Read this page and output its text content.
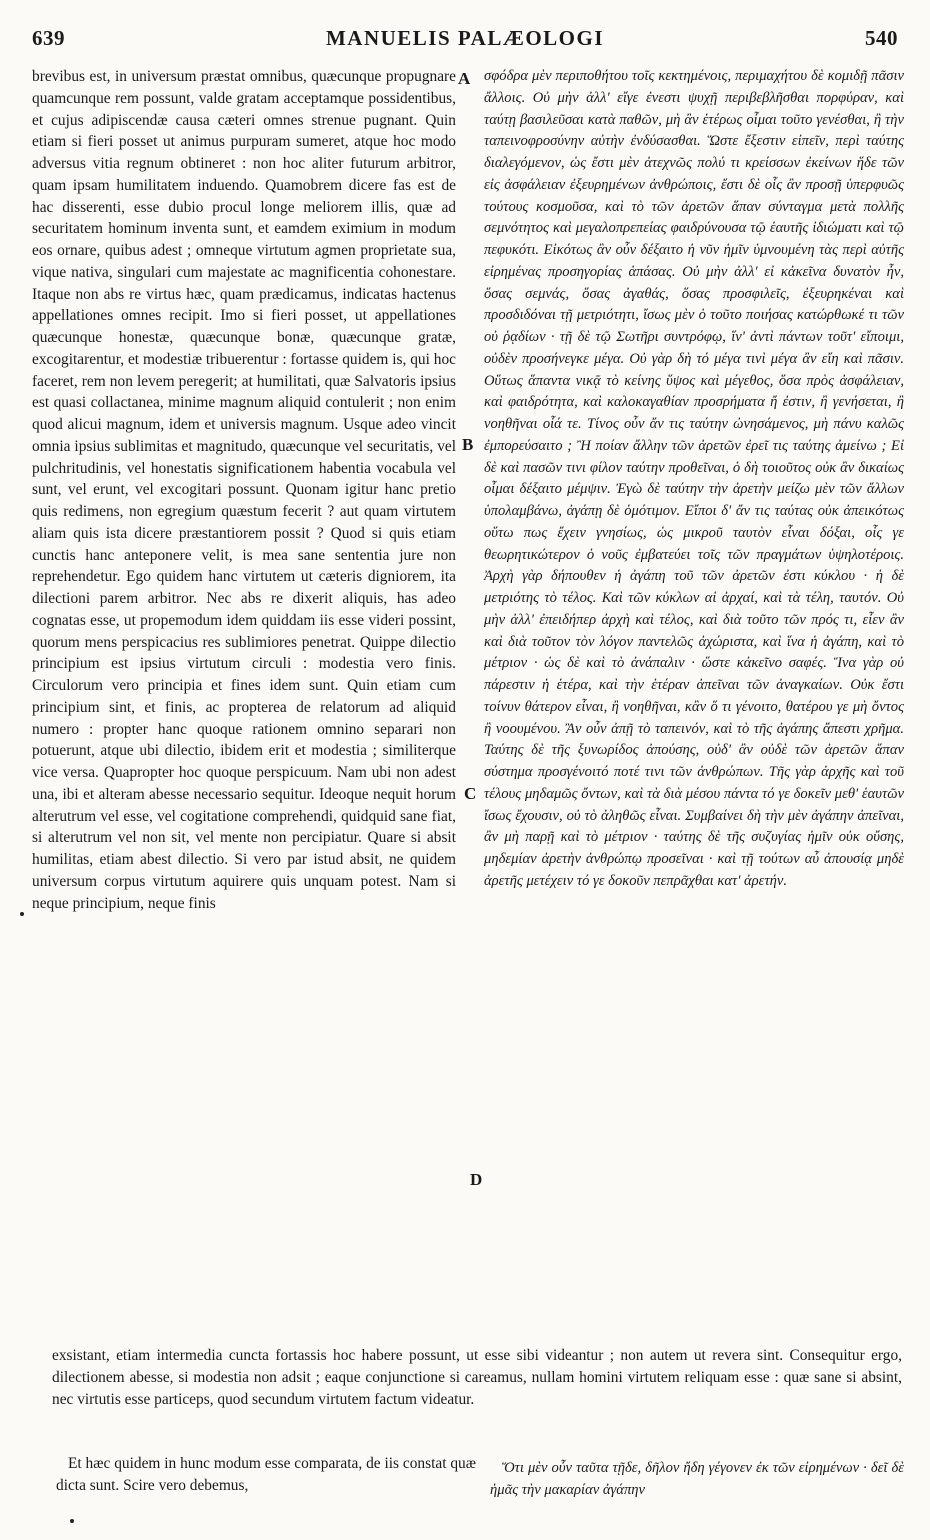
MANUELIS PALÆOLOGI
639	540

brevibus est, in universum præstat omnibus, quæcunque propugnare quamcunque rem possunt, valde gratam acceptamque possidentibus, et cujus adipiscendæ causa cæteri omnes strenue pugnant. Quin etiam si fieri posset ut animus purpuram sumeret, atque hoc modo adversus vitia regnum obtineret : non hoc aliter futurum arbitror, quam ipsam humilitatem induendo. Quamobrem dicere fas est de hac disserenti, esse dubio procul longe meliorem illis, quæ ad securitatem hominum inventa sunt, et eamdem eximium in modum eos ornare, quibus adest ; omneque virtutum agmen proprietate sua, vique nativa, singulari cum majestate ac magnificentia cohonestare. Itaque non abs re virtus hæc, quam prædicamus, indicatas hactenus appellationes omnes recipit. Imo si fieri posset, ut appellationes quæcunque honestæ, quæcunque bonæ, quæcunque gratæ, excogitarentur, et modestiæ tribuerentur : fortasse quidem is, qui hoc faceret, rem non levem peregerit; at humilitati, quæ Salvatoris ipsius est quasi collactanea, minime magnum aliquid contulerit ; non enim quod alicui magnum, idem et universis magnum. Usque adeo vincit omnia ipsius sublimitas et magnitudo, quæcunque vel securitatis, vel pulchritudinis, vel honestatis significationem habentia vocabula vel sunt, vel erunt, vel excogitari possunt. Quonam igitur hanc pretio quis redimens, non egregium quæstum fecerit ? aut quam virtutem aliam quis ista dicere præstantiorem possit ? Quod si quis etiam cunctis hanc anteponere velit, is mea sane sententia jure non reprehendetur. Ego quidem hanc virtutem ut cæteris digniorem, ita dilectioni parem arbitror. Nec abs re dixerit aliquis, has adeo cognatas esse, ut propemodum idem quiddam iis esse videri possint, quorum mens perspicacius res sublimiores penetrat. Quippe dilectio principium est ipsius virtutum circuli : modestia vero finis. Circulorum vero principia et fines idem sunt. Quin etiam cum principium sint, et finis, ac propterea de relatorum ad aliquid numero : propter hanc quoque rationem omnino separari non potuerunt, atque ubi dilectio, ibidem erit et modestia ; similiterque vice versa. Quapropter hoc quoque perspicuum. Nam ubi non adest una, ibi et alteram abesse necessario sequitur. Ideoque nequit horum alterutrum vel esse, vel cogitatione comprehendi, quidquid sane fiat, si alterutrum vel non sit, vel mente non percipiatur. Quare si absit humilitas, etiam abest dilectio. Si vero par istud absit, ne quidem universum corpus virtutum aquirere quis unquam potest. Nam si neque principium, neque finis

A
B
C
D

σφόδρα μὲν περιποθήτου τοῖς κεκτημένοις, περιμαχήτου δὲ κομιδῇ πᾶσιν ἄλλοις. Οὐ μὴν ἀλλ' εἴγε ἐνεστι ψυχῇ περιβεβλῆσθαι πορφύραν, καὶ ταύτῃ βασιλεῦσαι κατὰ παθῶν, μὴ ἂν ἑτέρως οἶμαι τοῦτο γενέσθαι, ἢ τὴν ταπεινοφροσύνην αὐτὴν ἐνδύσασθαι. Ὥστε ἔξεστιν εἰπεῖν, περὶ ταύτης διαλεγόμενον, ὡς ἔστι μὲν ἀτεχνῶς πολύ τι κρείσσων ἐκείνων ἥδε τῶν εἰς ἀσφάλειαν ἐξευρημένων ἀνθρώποις, ἔστι δὲ οἷς ἂν προσῇ ὑπερφυῶς τούτους κοσμοῦσα, καὶ τὸ τῶν ἀρετῶν ἅπαν σύνταγμα μετὰ πολλῆς σεμνότητος καὶ μεγαλοπρεπείας φαιδρύνουσα τῷ ἑαυτῆς ἰδιώματι καὶ τῷ πεφυκότι. Εἰκότως ἂν οὖν δέξαιτο ἡ νῦν ἡμῖν ὑμνουμένη τὰς περὶ αὐτῆς εἰρημένας προσηγορίας ἁπάσας. Οὐ μὴν ἀλλ' εἰ κἀκεῖνα δυνατὸν ἦν, ὅσας σεμνάς, ὅσας ἀγαθάς, ὅσας προσφιλεῖς, ἐξευρηκέναι καὶ προσδιδόναι τῇ μετριότητι, ἴσως μὲν ὁ τοῦτο ποιήσας κατώρθωκέ τι τῶν οὐ ῥᾳδίων · τῇ δὲ τῷ Σωτῆρι συντρόφῳ, ἵν' ἀντὶ πάντων τοῦτ' εἴποιμι, οὐδὲν προσήνεγκε μέγα. Οὐ γὰρ δὴ τό μέγα τινὶ μέγα ἂν εἴη καὶ πᾶσιν. Οὕτως ἅπαντα νικᾷ τὸ κείνης ὕψος καὶ μέγεθος, ὅσα πρὸς ἀσφάλειαν, καὶ φαιδρότητα, καὶ καλοκαγαθίαν προσρήματα ἤ ἐστιν, ἢ γενήσεται, ἢ νοηθῆναι οἷά τε. Τίνος οὖν ἄν τις ταύτην ὠνησάμενος, μὴ πάνυ καλῶς ἐμπορεύσαιτο ; Ἢ ποίαν ἄλλην τῶν ἀρετῶν ἐρεῖ τις ταύτης ἀμείνω ; Εἰ δὲ καὶ πασῶν τινι φίλον ταύτην προθεῖναι, ὁ δὴ τοιοῦτος οὐκ ἂν δικαίως οἶμαι δέξαιτο μέμψιν. Ἐγὼ δὲ ταύτην τὴν ἀρετὴν μείζω μὲν τῶν ἄλλων ὑπολαμβάνω, ἀγάπῃ δὲ ὁμότιμον. Εἴποι δ' ἄν τις ταύτας οὐκ ἀπεικότως οὕτω πως ἔχειν γνησίως, ὡς μικροῦ ταυτὸν εἶναι δόξαι, οἷς γε θεωρητικώτερον ὁ νοῦς ἐμβατεύει τοῖς τῶν πραγμάτων ὑψηλοτέροις. Ἀρχὴ γὰρ δήπουθεν ἡ ἀγάπη τοῦ τῶν ἀρετῶν ἐστι κύκλου · ἡ δὲ μετριότης τὸ τέλος. Καὶ τῶν κύκλων αἱ ἀρχαί, καὶ τὰ τέλη, ταυτόν. Οὐ μὴν ἀλλ' ἐπειδήπερ ἀρχὴ καὶ τέλος, καὶ διὰ τοῦτο τῶν πρός τι, εἶεν ἂν καὶ διὰ τοῦτον τὸν λόγον παντελῶς ἀχώριστα, καὶ ἵνα ἡ ἀγάπη, καὶ τὸ μέτριον · ὡς δὲ καὶ τὸ ἀνάπαλιν · ὥστε κἀκεῖνο σαφές. Ἵνα γὰρ οὐ πάρεστιν ἡ ἑτέρα, καὶ τὴν ἑτέραν ἀπεῖναι τῶν ἀναγκαίων. Οὐκ ἔστι τοίνυν θάτερον εἶναι, ἢ νοηθῆναι, κἂν ὅ τι γένοιτο, θατέρου γε μὴ ὄντος ἢ νοουμένου. Ἂν οὖν ἀπῇ τὸ ταπεινόν, καὶ τὸ τῆς ἀγάπης ἄπεστι χρῆμα. Ταύτης δὲ τῆς ξυνωρίδος ἀπούσης, οὐδ' ἂν οὐδὲ τῶν ἀρετῶν ἅπαν σύστημα προσγένοιτό ποτέ τινι τῶν ἀνθρώπων. Τῆς γὰρ ἀρχῆς καὶ τοῦ τέλους μηδαμῶς ὄντων, καὶ τὰ διὰ μέσου πάντα τό γε δοκεῖν μεθ' ἑαυτῶν ἴσως ἔχουσιν, οὐ τὸ ἀληθῶς εἶναι. Συμβαίνει δὴ τὴν μὲν ἀγάπην ἀπεῖναι, ἂν μὴ παρῇ καὶ τὸ μέτριον · ταύτης δὲ τῆς συζυγίας ἡμῖν οὐκ οὔσης, μηδεμίαν ἀρετὴν ἀνθρώπῳ προσεῖναι · καὶ τῇ τούτων αὖ ἀπουσίᾳ μηδὲ ἀρετῆς μετέχειν τό γε δοκοῦν πεπρᾶχθαι κατ' ἀρετήν.

exsistant, etiam intermedia cuncta fortassis hoc habere possunt, ut esse sibi videantur ; non autem ut revera sint. Consequitur ergo, dilectionem abesse, si modestia non adsit ; eaque conjunctione si careamus, nullam homini virtutem reliquam esse : quæ sane si absint, nec virtutis esse particeps, quod secundum virtutem factum videatur.

Et hæc quidem in hunc modum esse comparata, de iis constat quæ dicta sunt. Scire vero debemus,

Ὅτι μὲν οὖν ταῦτα τῇδε, δῆλον ἤδη γέγονεν ἐκ τῶν εἰρημένων · δεῖ δὲ ἡμᾶς τὴν μακαρίαν ἀγάπην
